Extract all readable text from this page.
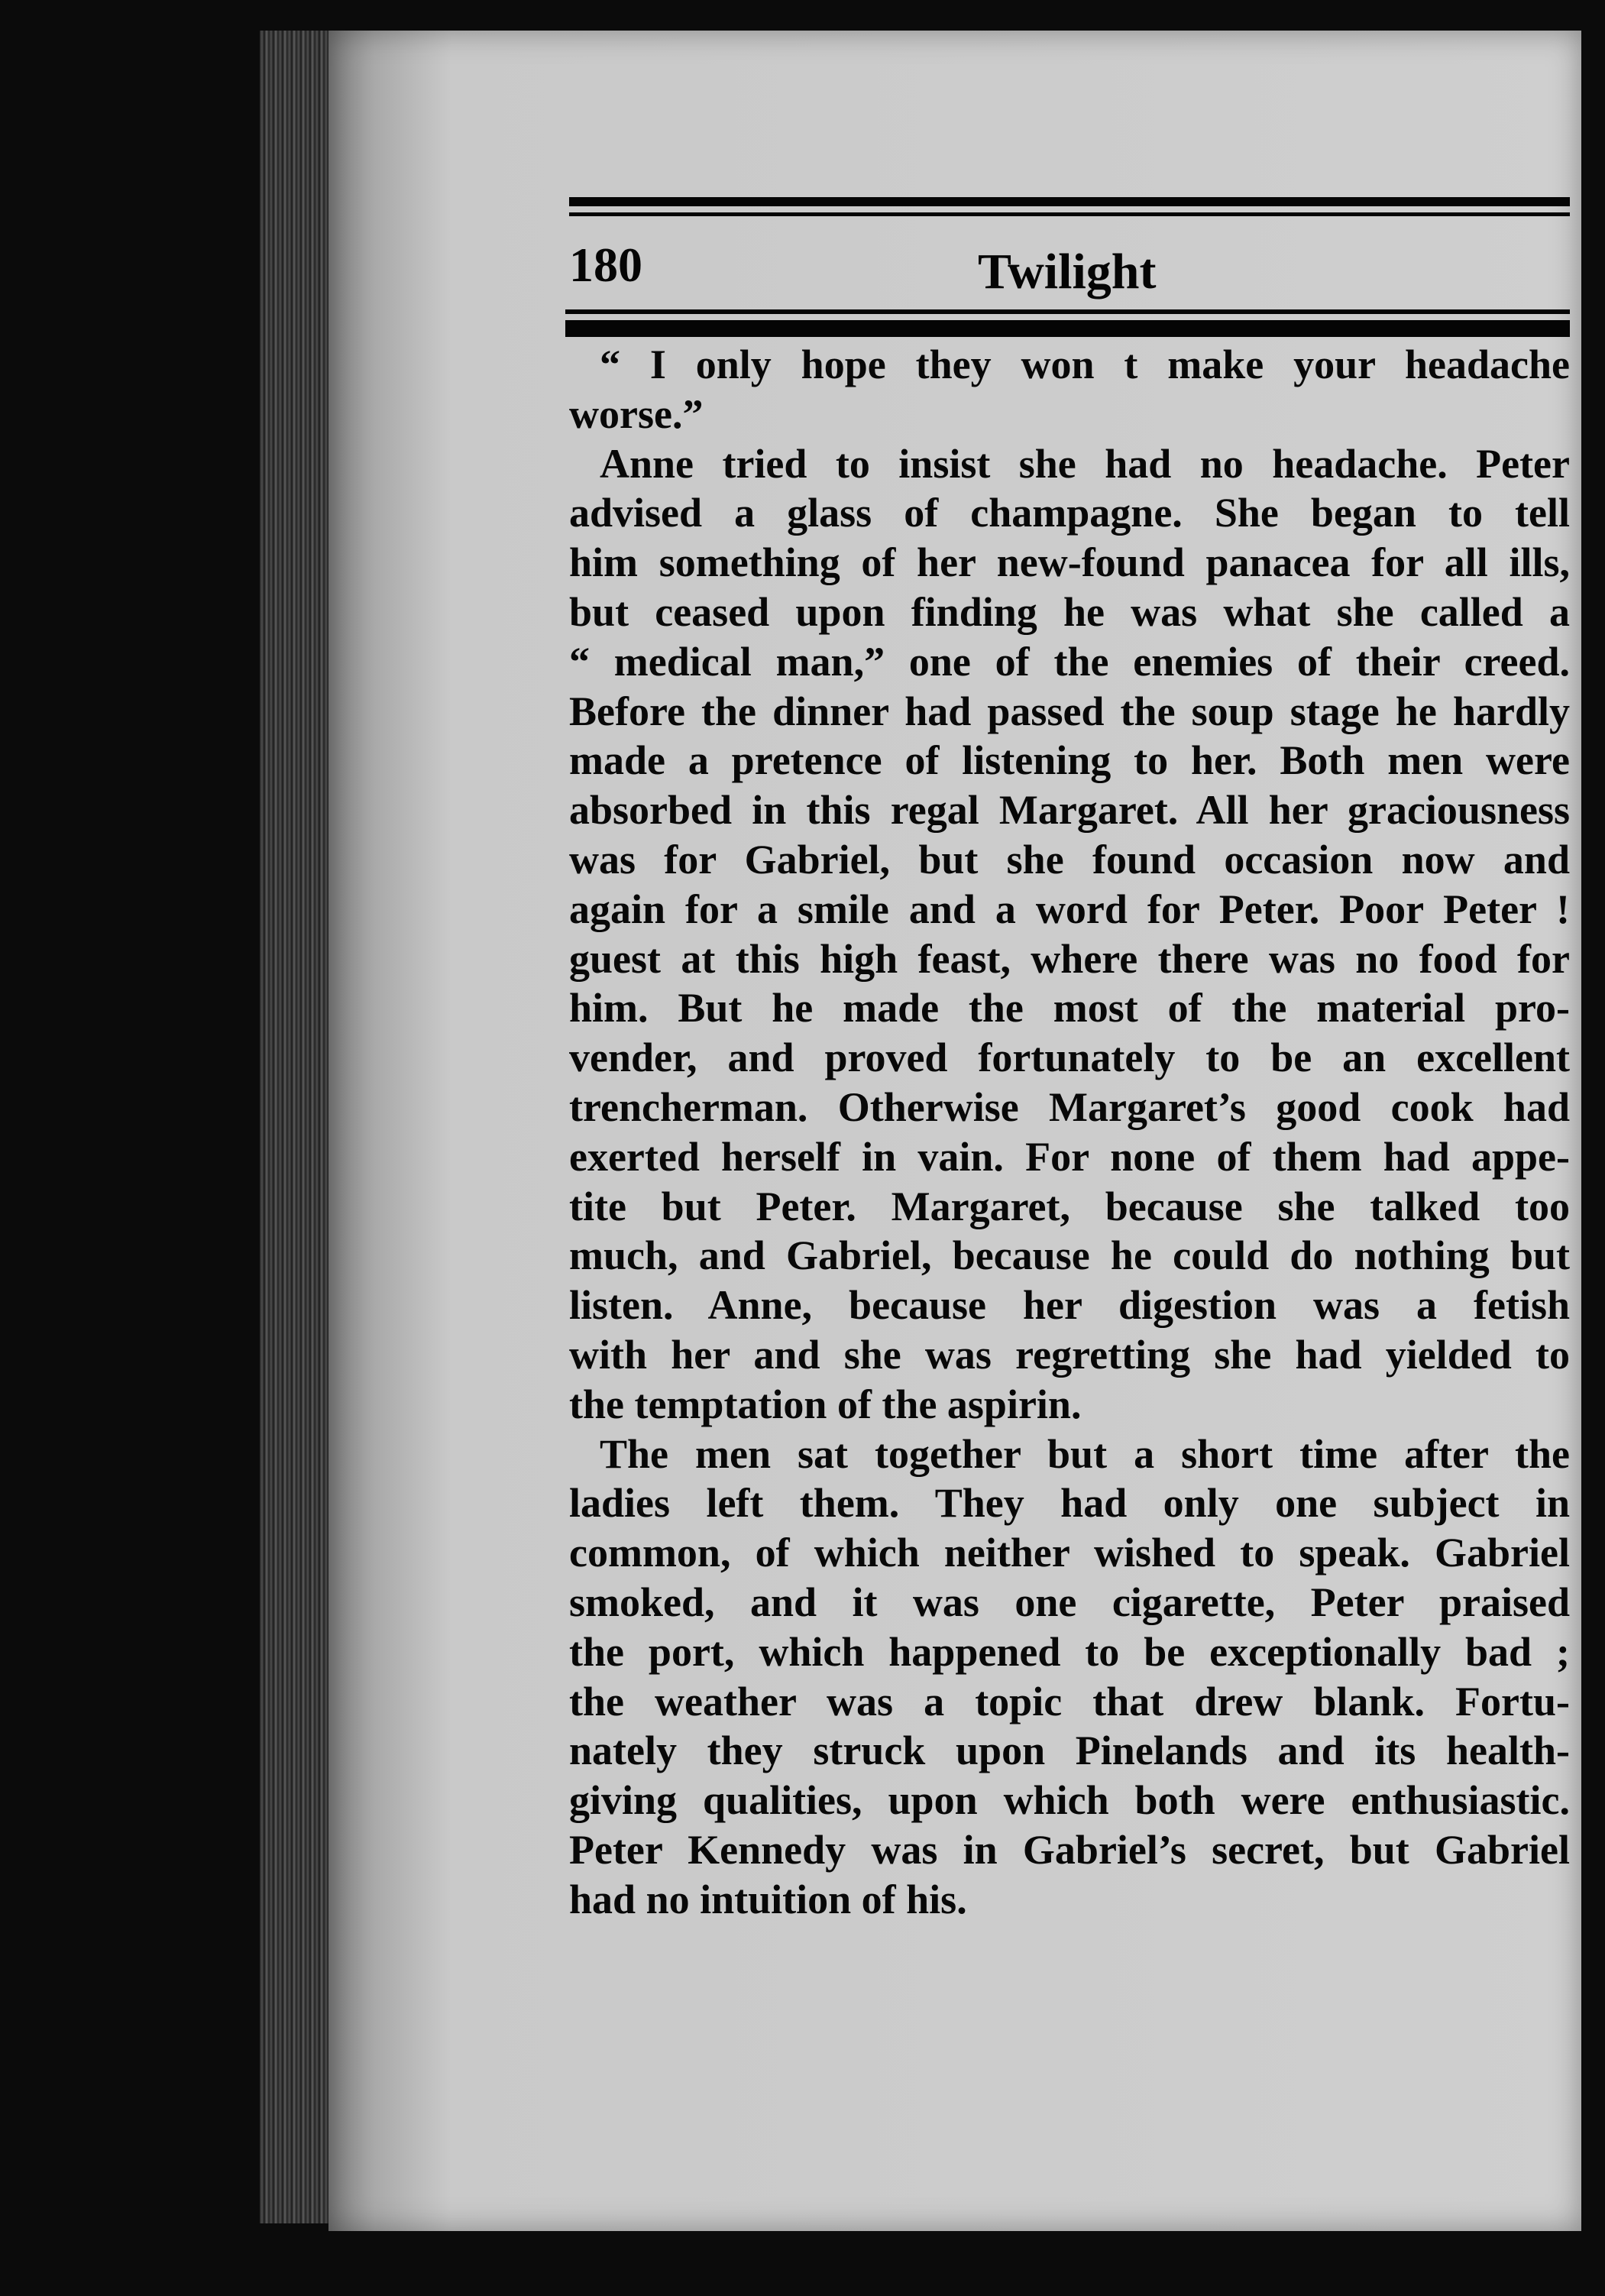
180	Twilight

“ I only hope they won t make your headache
worse.”

Anne tried to insist she had no headache. Peter
advised a glass of champagne. She began to tell
him something of her new-found panacea for all ills,
but ceased upon finding he was what she called a
“ medical man,” one of the enemies of their creed.
Before the dinner had passed the soup stage he hardly
made a pretence of listening to her. Both men were
absorbed in this regal Margaret. All her graciousness
was for Gabriel, but she found occasion now and
again for a smile and a word for Peter. Poor Peter !
guest at this high feast, where there was no food for
him. But he made the most of the material pro-
vender, and proved fortunately to be an excellent
trencherman. Otherwise Margaret’s good cook had
exerted herself in vain. For none of them had appe-
tite but Peter. Margaret, because she talked too
much, and Gabriel, because he could do nothing but
listen. Anne, because her digestion was a fetish
with her and she was regretting she had yielded to
the temptation of the aspirin.

The men sat together but a short time after the
ladies left them. They had only one subject in
common, of which neither wished to speak. Gabriel
smoked, and it was one cigarette, Peter praised
the port, which happened to be exceptionally bad ;
the weather was a topic that drew blank. Fortu-
nately they struck upon Pinelands and its health-
giving qualities, upon which both were enthusiastic.
Peter Kennedy was in Gabriel’s secret, but Gabriel
had no intuition of his.
